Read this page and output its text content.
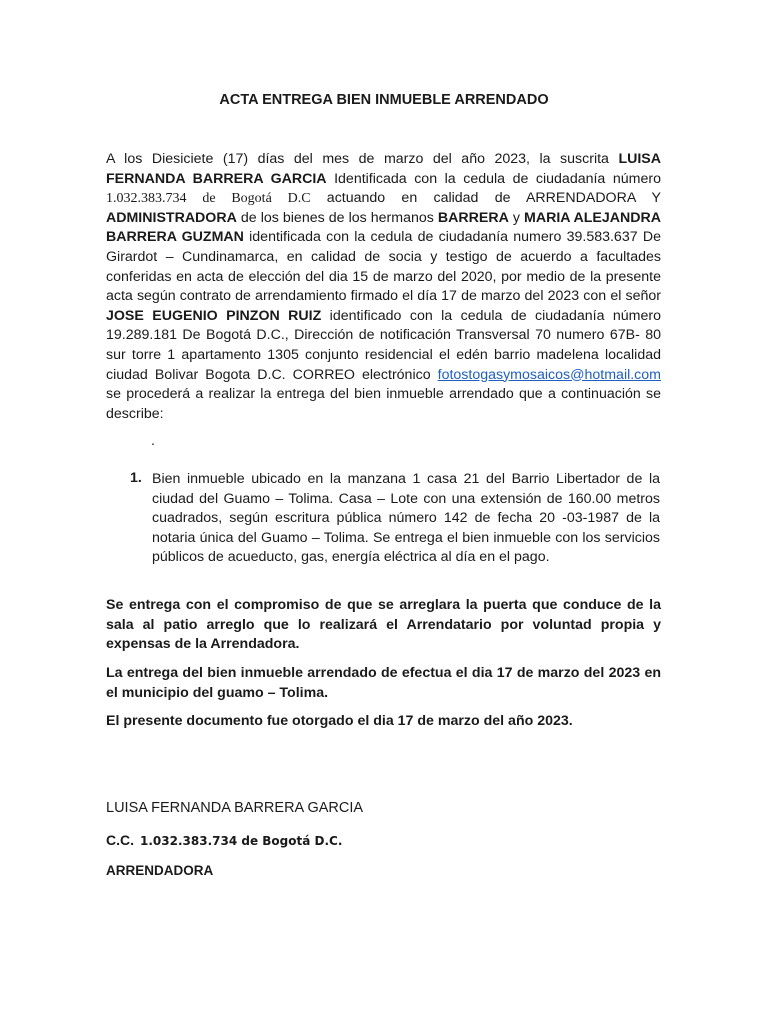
ACTA ENTREGA BIEN INMUEBLE ARRENDADO
A los Diesiciete (17) días del mes de marzo del año 2023, la suscrita LUISA FERNANDA BARRERA GARCIA Identificada con la cedula de ciudadanía número 1.032.383.734 de Bogotá D.C actuando en calidad de ARRENDADORA Y ADMINISTRADORA de los bienes de los hermanos BARRERA y MARIA ALEJANDRA BARRERA GUZMAN identificada con la cedula de ciudadanía numero 39.583.637 De Girardot – Cundinamarca, en calidad de socia y testigo de acuerdo a facultades conferidas en acta de elección del dia 15 de marzo del 2020, por medio de la presente acta según contrato de arrendamiento firmado el día 17 de marzo del 2023 con el señor JOSE EUGENIO PINZON RUIZ identificado con la cedula de ciudadanía número 19.289.181 De Bogotá D.C., Dirección de notificación Transversal 70 numero 67B- 80 sur torre 1 apartamento 1305 conjunto residencial el edén barrio madelena localidad ciudad Bolivar Bogota D.C. CORREO electrónico fotostogasymosaicos@hotmail.com se procederá a realizar la entrega del bien inmueble arrendado que a continuación se describe:
.
1. Bien inmueble ubicado en la manzana 1 casa 21 del Barrio Libertador de la ciudad del Guamo – Tolima. Casa – Lote con una extensión de 160.00 metros cuadrados, según escritura pública número 142 de fecha 20 -03-1987 de la notaria única del Guamo – Tolima. Se entrega el bien inmueble con los servicios públicos de acueducto, gas, energía eléctrica al día en el pago.
Se entrega con el compromiso de que se arreglara la puerta que conduce de la sala al patio arreglo que lo realizará el Arrendatario por voluntad propia y expensas de la Arrendadora.
La entrega del bien inmueble arrendado de efectua el dia 17 de marzo del 2023 en el municipio del guamo – Tolima.
El presente documento fue otorgado el dia 17 de marzo del año 2023.
LUISA FERNANDA BARRERA GARCIA
C.C. 1.032.383.734 de Bogotá D.C.
ARRENDADORA
